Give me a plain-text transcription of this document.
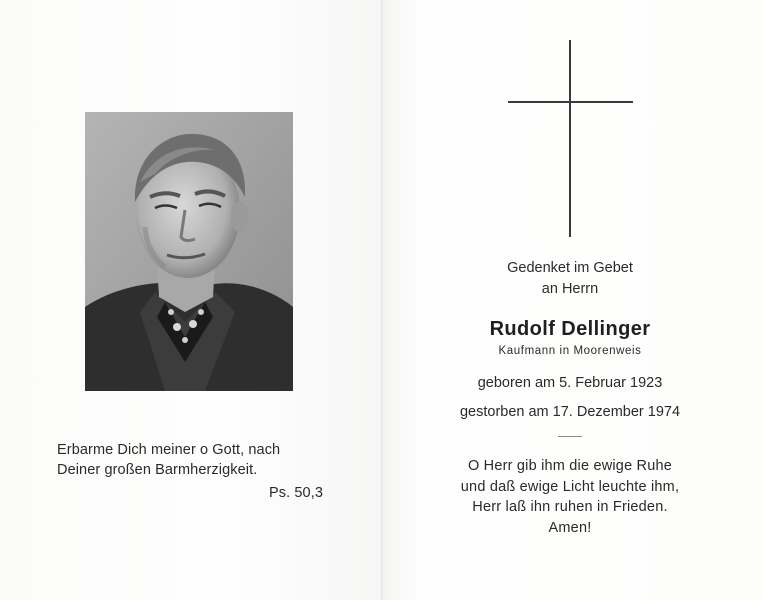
Erbarme Dich meiner o Gott, nach
Deiner großen Barmherzigkeit.
Ps. 50,3
Gedenket im Gebet
an Herrn
Rudolf Dellinger
Kaufmann in Moorenweis
geboren am 5. Februar 1923
gestorben am 17. Dezember 1974
O Herr gib ihm die ewige Ruhe
und daß ewige Licht leuchte ihm,
Herr laß ihn ruhen in Frieden.
Amen!
